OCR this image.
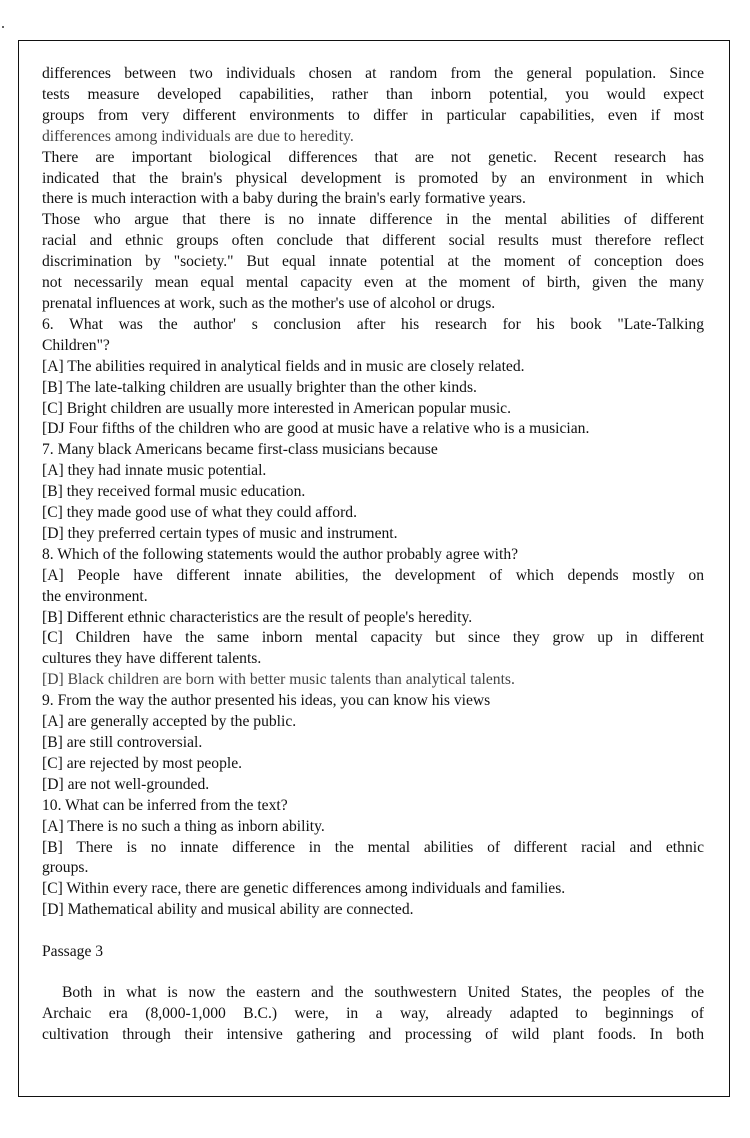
differences between two individuals chosen at random from the general population. Since
tests measure developed capabilities, rather than inborn potential, you would expect
groups from very different environments to differ in particular capabilities, even if most
differences among individuals are due to heredity.
There are important biological differences that are not genetic. Recent research has
indicated that the brain's physical development is promoted by an environment in which
there is much interaction with a baby during the brain's early formative years.
Those who argue that there is no innate difference in the mental abilities of different
racial and ethnic groups often conclude that different social results must therefore reflect
discrimination by "society." But equal innate potential at the moment of conception does
not necessarily mean equal mental capacity even at the moment of birth, given the many
prenatal influences at work, such as the mother's use of alcohol or drugs.
6. What was the author' s conclusion after his research for his book "Late-Talking
Children"?
[A] The abilities required in analytical fields and in music are closely related.
[B] The late-talking children are usually brighter than the other kinds.
[C] Bright children are usually more interested in American popular music.
[DJ Four fifths of the children who are good at music have a relative who is a musician.
7. Many black Americans became first-class musicians because
[A] they had innate music potential.
[B] they received formal music education.
[C] they made good use of what they could afford.
[D] they preferred certain types of music and instrument.
8. Which of the following statements would the author probably agree with?
[A] People have different innate abilities, the development of which depends mostly on
the environment.
[B] Different ethnic characteristics are the result of people's heredity.
[C] Children have the same inborn mental capacity but since they grow up in different
cultures they have different talents.
[D] Black children are born with better music talents than analytical talents.
9. From the way the author presented his ideas, you can know his views
[A] are generally accepted by the public.
[B] are still controversial.
[C] are rejected by most people.
[D] are not well-grounded.
10. What can be inferred from the text?
[A] There is no such a thing as inborn ability.
[B] There is no innate difference in the mental abilities of different racial and ethnic
groups.
[C] Within every race, there are genetic differences among individuals and families.
[D] Mathematical ability and musical ability are connected.
Passage 3
Both in what is now the eastern and the southwestern United States, the peoples of the
Archaic era (8,000-1,000 B.C.) were, in a way, already adapted to beginnings of
cultivation through their intensive gathering and processing of wild plant foods. In both
